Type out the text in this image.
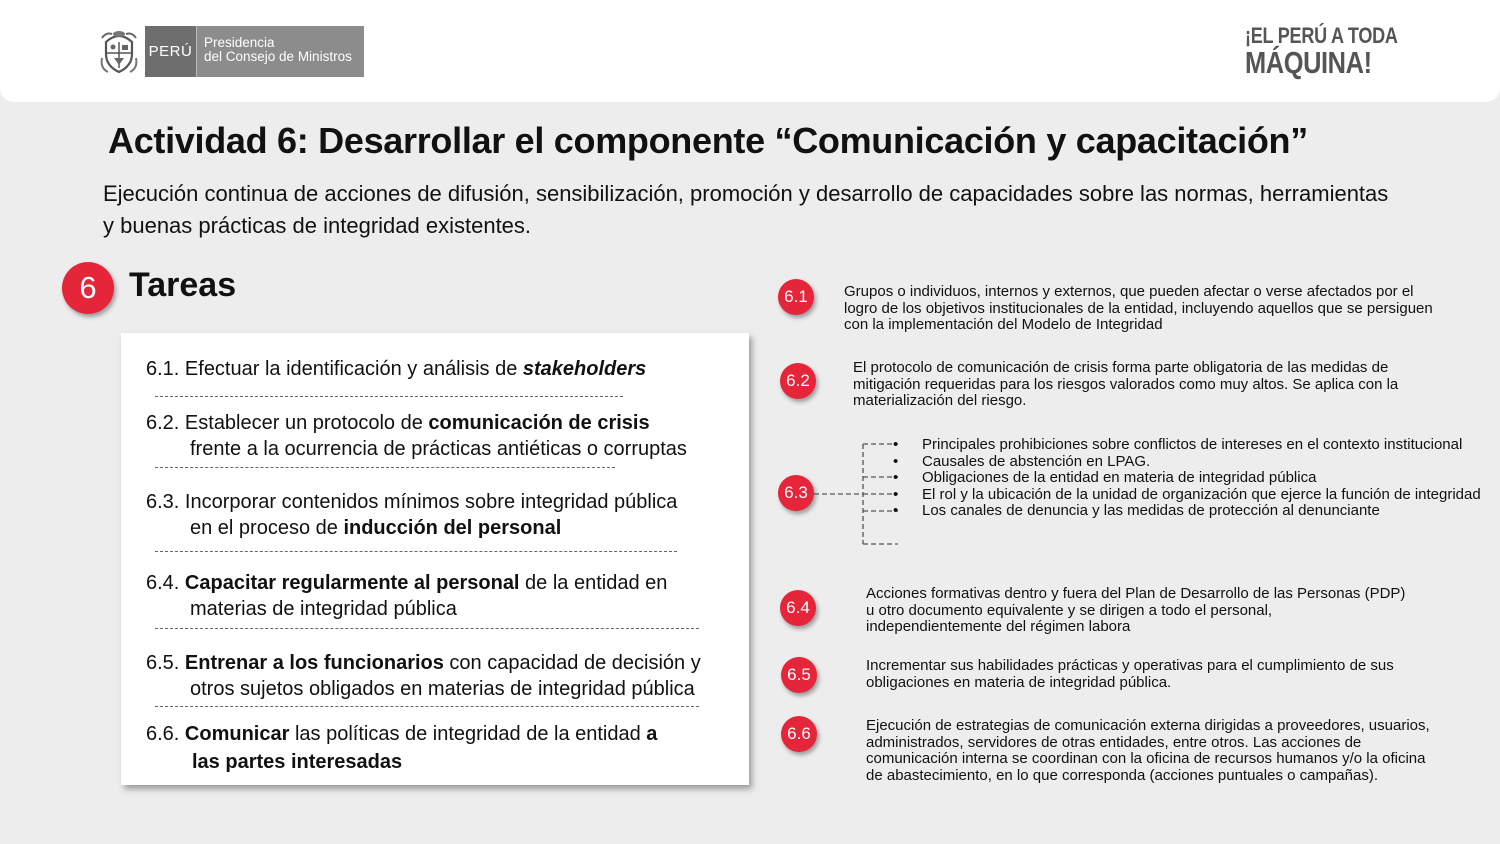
PERÚ
Presidencia
del Consejo de Ministros
¡EL PERÚ A TODA
MÁQUINA!
Actividad 6: Desarrollar el componente “Comunicación y capacitación”
Ejecución continua de acciones de difusión, sensibilización, promoción y desarrollo de capacidades sobre las normas, herramientas y buenas prácticas de integridad existentes.
6 Tareas
6.1. Efectuar la identificación y análisis de stakeholders
6.2. Establecer un protocolo de comunicación de crisis
frente a la ocurrencia de prácticas antiéticas o corruptas
6.3. Incorporar contenidos mínimos sobre integridad pública
en el proceso de inducción del personal
6.4. Capacitar regularmente al personal de la entidad en
materias de integridad pública
6.5. Entrenar a los funcionarios con capacidad de decisión y
otros sujetos obligados en materias de integridad pública
6.6. Comunicar las políticas de integridad de la entidad a
las partes interesadas
6.1	Grupos o individuos, internos y externos, que pueden afectar o verse afectados por el logro de los objetivos institucionales de la entidad, incluyendo aquellos que se persiguen con la implementación del Modelo de Integridad
6.2
El protocolo de comunicación de crisis forma parte obligatoria de las medidas de mitigación requeridas para los riesgos valorados como muy altos. Se aplica con la materialización del riesgo.
6.3
• Principales prohibiciones sobre conflictos de intereses en el contexto institucional
• Causales de abstención en LPAG.
• Obligaciones de la entidad en materia de integridad pública
• El rol y la ubicación de la unidad de organización que ejerce la función de integridad
• Los canales de denuncia y las medidas de protección al denunciante
6.4
Acciones formativas dentro y fuera del Plan de Desarrollo de las Personas (PDP) u otro documento equivalente y se dirigen a todo el personal, independientemente del régimen labora
6.5	Incrementar sus habilidades prácticas y operativas para el cumplimiento de sus obligaciones en materia de integridad pública.
6.6	Ejecución de estrategias de comunicación externa dirigidas a proveedores, usuarios, administrados, servidores de otras entidades, entre otros. Las acciones de comunicación interna se coordinan con la oficina de recursos humanos y/o la oficina de abastecimiento, en lo que corresponda (acciones puntuales o campañas).
